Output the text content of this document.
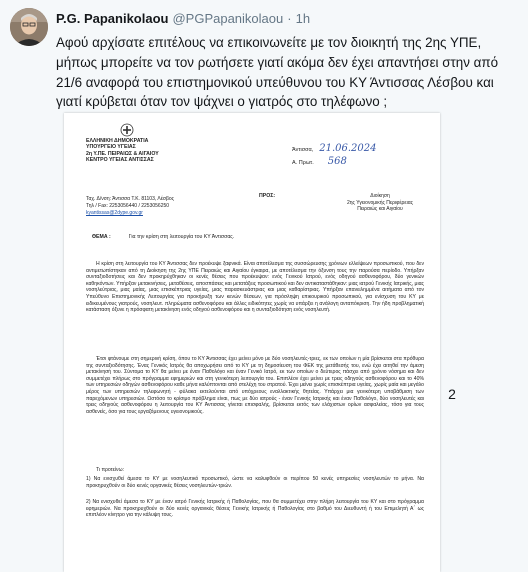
P.G. Papanikolaou @PGPapanikolaou · 1h
Αφού αρχίσατε επιτέλους να επικοινωνείτε με τον διοικητή της 2ης ΥΠΕ, μήπως μπορείτε να τον ρωτήσετε γιατί ακόμα δεν έχει απαντήσει στην από 21/6 αναφορά του επιστημονικού υπεύθυνου του ΚΥ Άντισσας Λέσβου και γιατί κρύβεται όταν τον ψάχνει ο γιατρός στο τηλέφωνο ;
ΕΛΛΗΝΙΚΗ ΔΗΜΟΚΡΑΤΙΑ
ΥΠΟΥΡΓΕΙΟ ΥΓΕΙΑΣ
2η Υ.ΠΕ. ΠΕΙΡΑΙΩΣ & ΑΙΓΑΙΟΥ
ΚΕΝΤΡΟ ΥΓΕΙΑΣ ΑΝΤΙΣΣΑΣ
Άντισσα, 21.06.2024
Α. Πρωτ. 568
Ταχ. Δ/νση: Άντισσα Τ.Κ. 81103, Λέσβος
Τηλ / Fax: 2253056440 / 2253056250
kyantissas@2dype.gov.gr
ΠΡΟΣ:	Διοίκηση
2ης Υγειονομικής Περιφέρειας
Πειραιώς και Αιγαίου
ΘΕΜΑ :	Για την κρίση στη λειτουργία του ΚΥ Άντισσας.
Η κρίση στη λειτουργία του ΚΥ Άντισσας δεν προέκυψε ξαφνικά. Είναι αποτέλεσμα της συσσώρευσης χρόνιων ελλείψεων προσωπικού, που δεν αντιμετωπίστηκαν από τη Διοίκηση της 2ης ΥΠΕ Πειραιώς και Αιγαίου έγκαιρα, με αποτέλεσμα την όξυνση τους την παρούσα περίοδο. Υπήρξαν συνταξιοδοτήσεις και δεν προκηρύχθηκαν οι κενές θέσεις που προέκυψαν: ενός Γενικού Ιατρού, ενός οδηγού ασθενοφόρου, δύο γενικών καθηκόντων. Υπήρξαν μετακινήσεις, μεταθέσεις, αποσπάσεις και μετατάξεις προσωπικού και δεν αντικαταστάθηκαν: μιας ιατρού Γενικής Ιατρικής, μιας νοσηλεύτριας, μιας μαίας, μιας επισκέπτριας υγείας, μιας παρασκευάστριας και μιας καθαρίστριας. Υπήρξαν επανειλημμένα αιτήματα από τον Υπεύθυνο Επιστημονικής Λειτουργίας για προκήρυξη των κενών θέσεων, για πρόσληψη επικουρικού προσωπικού, για ενίσχυση του ΚΥ με ειδικευμένους γιατρούς, νοσηλευτ. πληρώματα ασθενοφόρου και άλλες ειδικότητες χωρίς να υπάρξει η ανάλογη ανταπόκριση. Την ήδη προβληματική κατάσταση όξυνε η πρόσφατη μετακίνηση ενός οδηγού ασθενοφόρου και η συνταξιοδότηση ενός νοσηλευτή.
Έτσι φτάνουμε στη σημερινή κρίση, όπου το ΚΥ Άντισσας έχει μείνει μόνο με δύο νοσηλευτές-τριες, εκ των οποίων η μία βρίσκεται στα πρόθυρα της συνταξιοδότησης. Ένας Γενικός Ιατρός θα αποχωρήσει από το ΚΥ με τη δημοσίευση του ΦΕΚ της μετάθεσής του, ενώ έχει αιτηθεί την άμεση μετακίνησή του. Σύντομα το ΚΥ θα μείνει με έναν Παθολόγο και έναν Γενικό Ιατρό, εκ των οποίων ο δεύτερος πάσχει από χρόνιο νόσημα και δεν συμμετέχει πλήρως στο πρόγραμμα εφημεριών και στη γενικότερη λειτουργία του. Επιπλέον έχει μείνει με τρεις οδηγούς ασθενοφόρου και το 40% των υπηρεσιών οδηγών ασθενοφόρου καθε μήνα καλύπτονται από στελέχη του στρατού. Έχει μείνει χωρίς επισκέπτρια υγείας, χωρίς μαία και μεγάλο μέρος των υπηρεσιών τηλεφωνητή - φύλακα εκτελούνται από υπόχρεους εναλλακτικής θητείας. Υπάρχει μια γενικότερη υποβάθμιση των παρεχόμενων υπηρεσιών. Ωστόσο το κρίσιμο πρόβλημα είναι, πως με δύο ιατρούς - έναν Γενικής Ιατρικής και έναν Παθολόγο, δύο νοσηλευτές και τρεις οδηγούς ασθενοφόρου η λειτουργία του ΚΥ Άντισσας γίνεται επισφαλής, βρίσκεται εκτός των ελάχιστων ορίων ασφαλείας, τόσο για τους ασθενείς, όσο για τους εργαζόμενους υγειονομικούς.
Τι προτείνω:
1) Να ενισχυθεί άμεσα το ΚΥ με νοσηλευτικό προσωπικό, ώστε να καλυφθούν οι περίπου 50 κενές υπηρεσίες νοσηλευτών το μήνα. Να προκηρυχθούν οι δύο κενές οργανικές θέσεις νοσηλευτών-τριών.
2) Να ενισχυθεί άμεσα το ΚΥ με έναν ιατρό Γενικής Ιατρικής ή Παθολογίας, που θα συμμετέχει στην πλήρη λειτουργία του ΚΥ και στο πρόγραμμα εφημεριών. Να προκηρυχθούν οι δύο κενές οργανικές θέσεις Γενικής Ιατρικής ή Παθολογίας στο βαθμό του Διευθυντή ή του Επιμελητή Α΄ ως επιπλέον κίνητρο για την κάλυψη τους.
2
